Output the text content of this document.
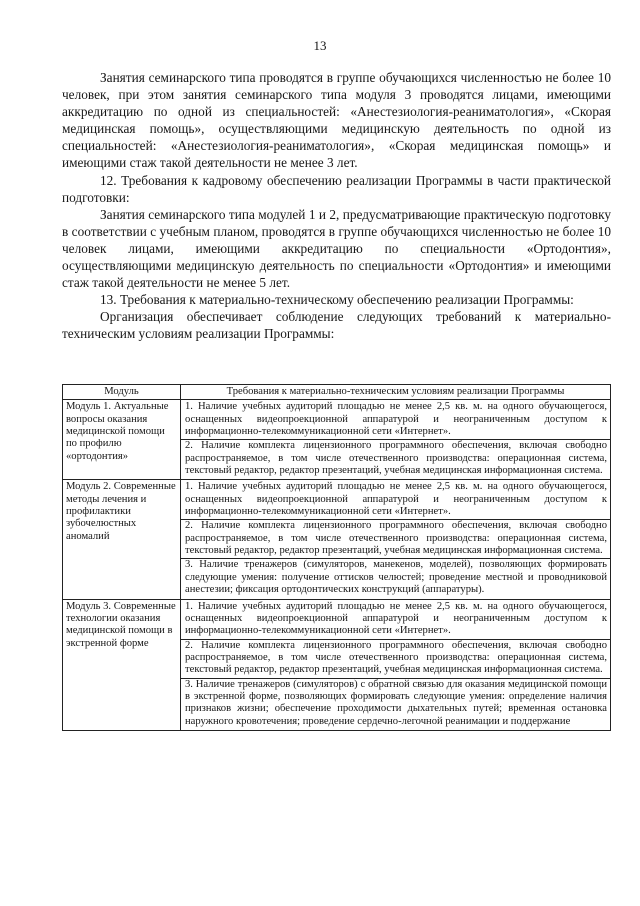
13

Занятия семинарского типа проводятся в группе обучающихся численностью не более 10 человек, при этом занятия семинарского типа модуля 3 проводятся лицами, имеющими аккредитацию по одной из специальностей: «Анестезиология-реаниматология», «Скорая медицинская помощь», осуществляющими медицинскую деятельность по одной из специальностей: «Анестезиология-реаниматология», «Скорая медицинская помощь» и имеющими стаж такой деятельности не менее 3 лет.

12. Требования к кадровому обеспечению реализации Программы в части практической подготовки:

Занятия семинарского типа модулей 1 и 2, предусматривающие практическую подготовку в соответствии с учебным планом, проводятся в группе обучающихся численностью не более 10 человек лицами, имеющими аккредитацию по специальности «Ортодонтия», осуществляющими медицинскую деятельность по специальности «Ортодонтия» и имеющими стаж такой деятельности не менее 5 лет.

13. Требования к материально-техническому обеспечению реализации Программы:

Организация обеспечивает соблюдение следующих требований к материально-техническим условиям реализации Программы:

Модуль	Требования к материально-техническим условиям реализации Программы
Модуль 1. Актуальные вопросы оказания медицинской помощи по профилю «ортодонтия»	1. Наличие учебных аудиторий площадью не менее 2,5 кв. м. на одного обучающегося, оснащенных видеопроекционной аппаратурой и неограниченным доступом к информационно-телекоммуникационной сети «Интернет».
2. Наличие комплекта лицензионного программного обеспечения, включая свободно распространяемое, в том числе отечественного производства: операционная система, текстовый редактор, редактор презентаций, учебная медицинская информационная система.

Модуль 2. Современные методы лечения и профилактики зубочелюстных аномалий	1. Наличие учебных аудиторий площадью не менее 2,5 кв. м. на одного обучающегося, оснащенных видеопроекционной аппаратурой и неограниченным доступом к информационно-телекоммуникационной сети «Интернет».
2. Наличие комплекта лицензионного программного обеспечения, включая свободно распространяемое, в том числе отечественного производства: операционная система, текстовый редактор, редактор презентаций, учебная медицинская информационная система.
3. Наличие тренажеров (симуляторов, манекенов, моделей), позволяющих формировать следующие умения: получение оттисков челюстей; проведение местной и проводниковой анестезии; фиксация ортодонтических конструкций (аппаратуры).

Модуль 3. Современные технологии оказания медицинской помощи в экстренной форме	1. Наличие учебных аудиторий площадью не менее 2,5 кв. м. на одного обучающегося, оснащенных видеопроекционной аппаратурой и неограниченным доступом к информационно-телекоммуникационной сети «Интернет».
2. Наличие комплекта лицензионного программного обеспечения, включая свободно распространяемое, в том числе отечественного производства: операционная система, текстовый редактор, редактор презентаций, учебная медицинская информационная система.
3. Наличие тренажеров (симуляторов) с обратной связью для оказания медицинской помощи в экстренной форме, позволяющих формировать следующие умения: определение наличия признаков жизни; обеспечение проходимости дыхательных путей; временная остановка наружного кровотечения; проведение сердечно-легочной реанимации и поддержание
